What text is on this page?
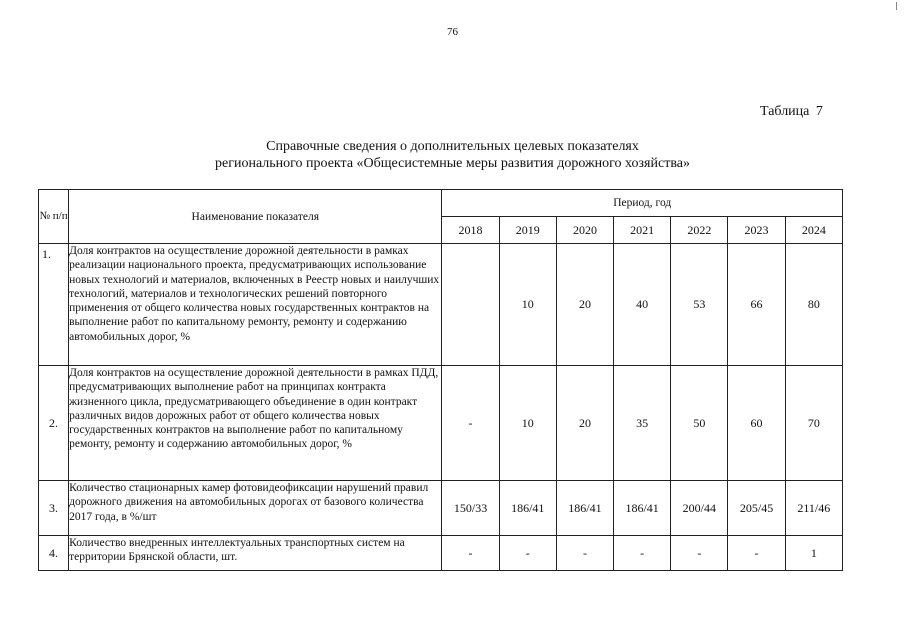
76
Таблица 7
Справочные сведения о дополнительных целевых показателях
регионального проекта «Общесистемные меры развития дорожного хозяйства»
№ п/п	Наименование показателя	Период, год						
		2018	2019	2020	2021	2022	2023	2024
1.	Доля контрактов на осуществление дорожной деятельности в рамках реализации национального проекта, предусматривающих использование новых технологий и материалов, включенных в Реестр новых и наилучших технологий, материалов и технологических решений повторного применения от общего количества новых государственных контрактов на выполнение работ по капитальному ремонту, ремонту и содержанию автомобильных дорог, %		10	20	40	53	66	80
2.	Доля контрактов на осуществление дорожной деятельности в рамках ПДД, предусматривающих выполнение работ на принципах контракта жизненного цикла, предусматривающего объединение в один контракт различных видов дорожных работ от общего количества новых государственных контрактов на выполнение работ по капитальному ремонту, ремонту и содержанию автомобильных дорог, %	-	10	20	35	50	60	70
3.	Количество стационарных камер фотовидеофиксации нарушений правил дорожного движения на автомобильных дорогах от базового количества 2017 года, в %/шт	150/33	186/41	186/41	186/41	200/44	205/45	211/46
4.	Количество внедренных интеллектуальных транспортных систем на территории Брянской области, шт.	-	-	-	-	-	-	1
